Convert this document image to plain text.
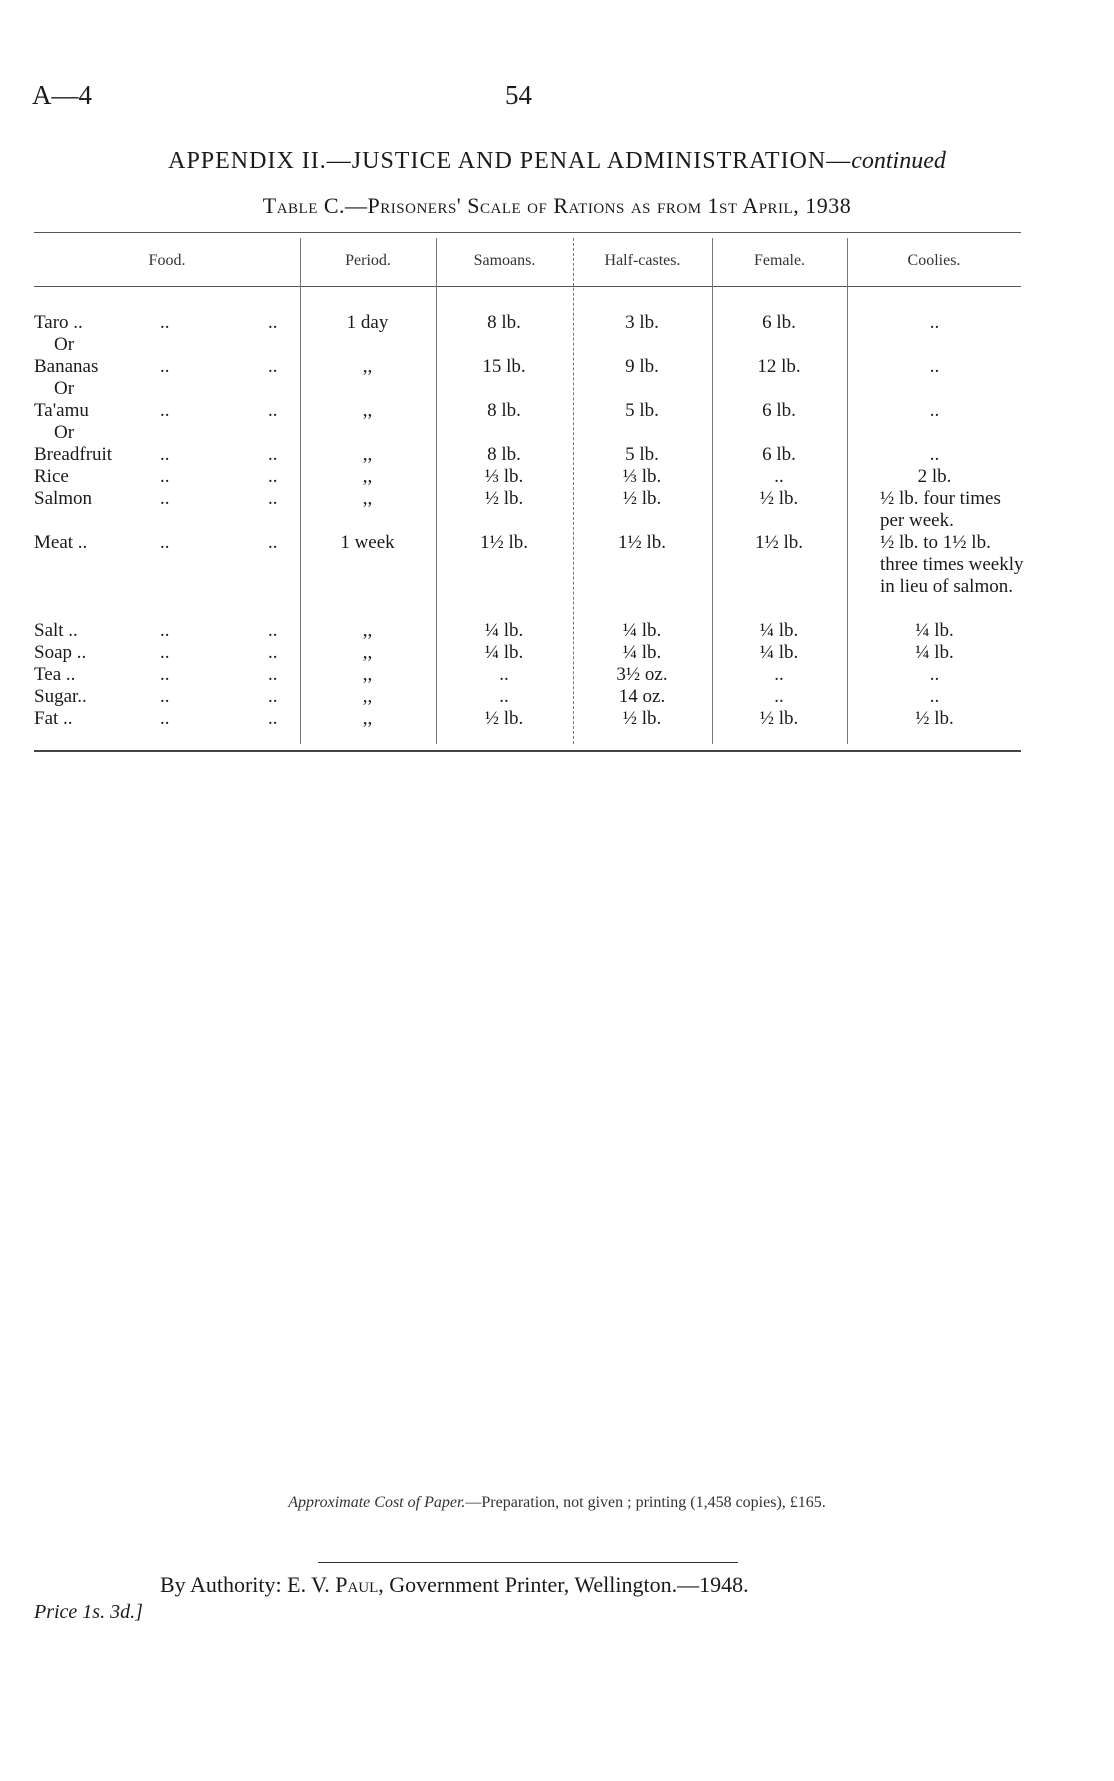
A—4	54
APPENDIX II.—JUSTICE AND PENAL ADMINISTRATION—continued
Table C.—Prisoners' Scale of Rations as from 1st April, 1938
Food.	Period.	Samoans.	Half-castes.	Female.	Coolies.
Taro ..	..	..	1 day	8 lb.	3 lb.	6 lb.	..
Or
Bananas	..	..	,,	15 lb.	9 lb.	12 lb.	..
Or
Ta'amu	..	..	,,	8 lb.	5 lb.	6 lb.	..
Or
Breadfruit	..	..	,,	8 lb.	5 lb.	6 lb.	..
Rice	..	..	,,	⅓ lb.	⅓ lb.	..	2 lb.
Salmon	..	..	,,	½ lb.	½ lb.	½ lb.	½ lb. four times per week.
Meat ..	..	..	1 week	1½ lb.	1½ lb.	1½ lb.	½ lb. to 1½ lb. three times weekly in lieu of salmon.
Salt ..	..	..	,,	¼ lb.	¼ lb.	¼ lb.	¼ lb.
Soap ..	..	..	,,	¼ lb.	¼ lb.	¼ lb.	¼ lb.
Tea ..	..	..	,,	..	3½ oz.	..	..
Sugar..	..	..	,,	..	14 oz.	..	..
Fat ..	..	..	,,	½ lb.	½ lb.	½ lb.	½ lb.
Approximate Cost of Paper.—Preparation, not given ; printing (1,458 copies), £165.
By Authority: E. V. Paul, Government Printer, Wellington.—1948.
Price 1s. 3d.]
